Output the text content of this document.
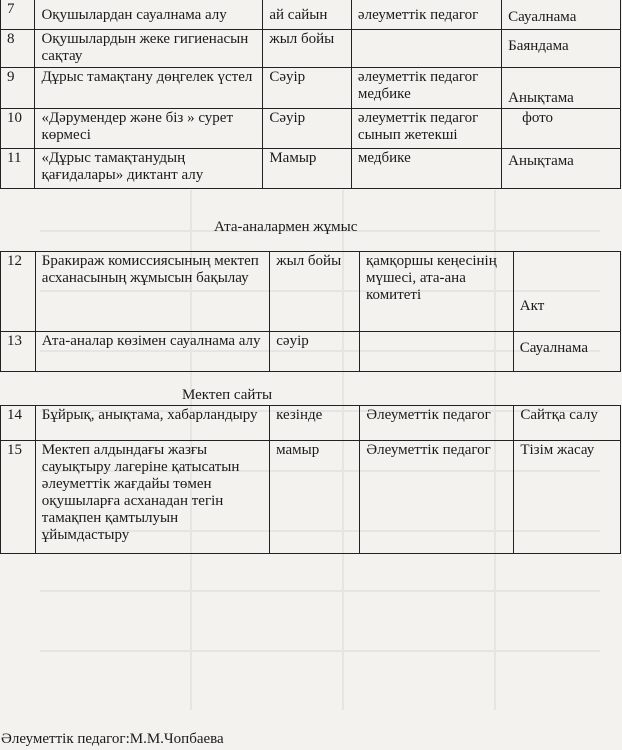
7	Оқушылардан сауалнама алу	ай сайын	әлеуметтік педагог	Сауалнама
8	Оқушылардын жеке гигиенасын сақтау	жыл бойы		Баяндама
9	Дұрыс тамақтану дөңгелек үстел	Сәуір	әлеуметтік педагог медбике	Анықтама
10	«Дәрумендер және біз » сурет көрмесі	Сәуір	әлеуметтік педагог сынып жетекші	фото
11	«Дұрыс тамақтанудың қағидалары» диктант алу	Мамыр	медбике	Анықтама
Ата-аналармен жұмыс
12	Бракираж комиссиясының мектеп асханасының жұмысын бақылау	жыл бойы	қамқоршы кеңесінің мүшесі, ата-ана комитеті	Акт
13	Ата-аналар көзімен сауалнама алу	сәуір		Сауалнама
Мектеп сайты
14	Бұйрық, анықтама, хабарландыру	кезінде	Әлеуметтік педагог	Сайтқа салу
15	Мектеп алдындағы жазғы сауықтыру лагеріне қатысатын әлеуметтік жағдайы төмен оқушыларға асханадан тегін тамақпен қамтылуын ұйымдастыру	мамыр	Әлеуметтік педагог	Тізім жасау
Әлеуметтік педагог:М.М.Чопбаева
